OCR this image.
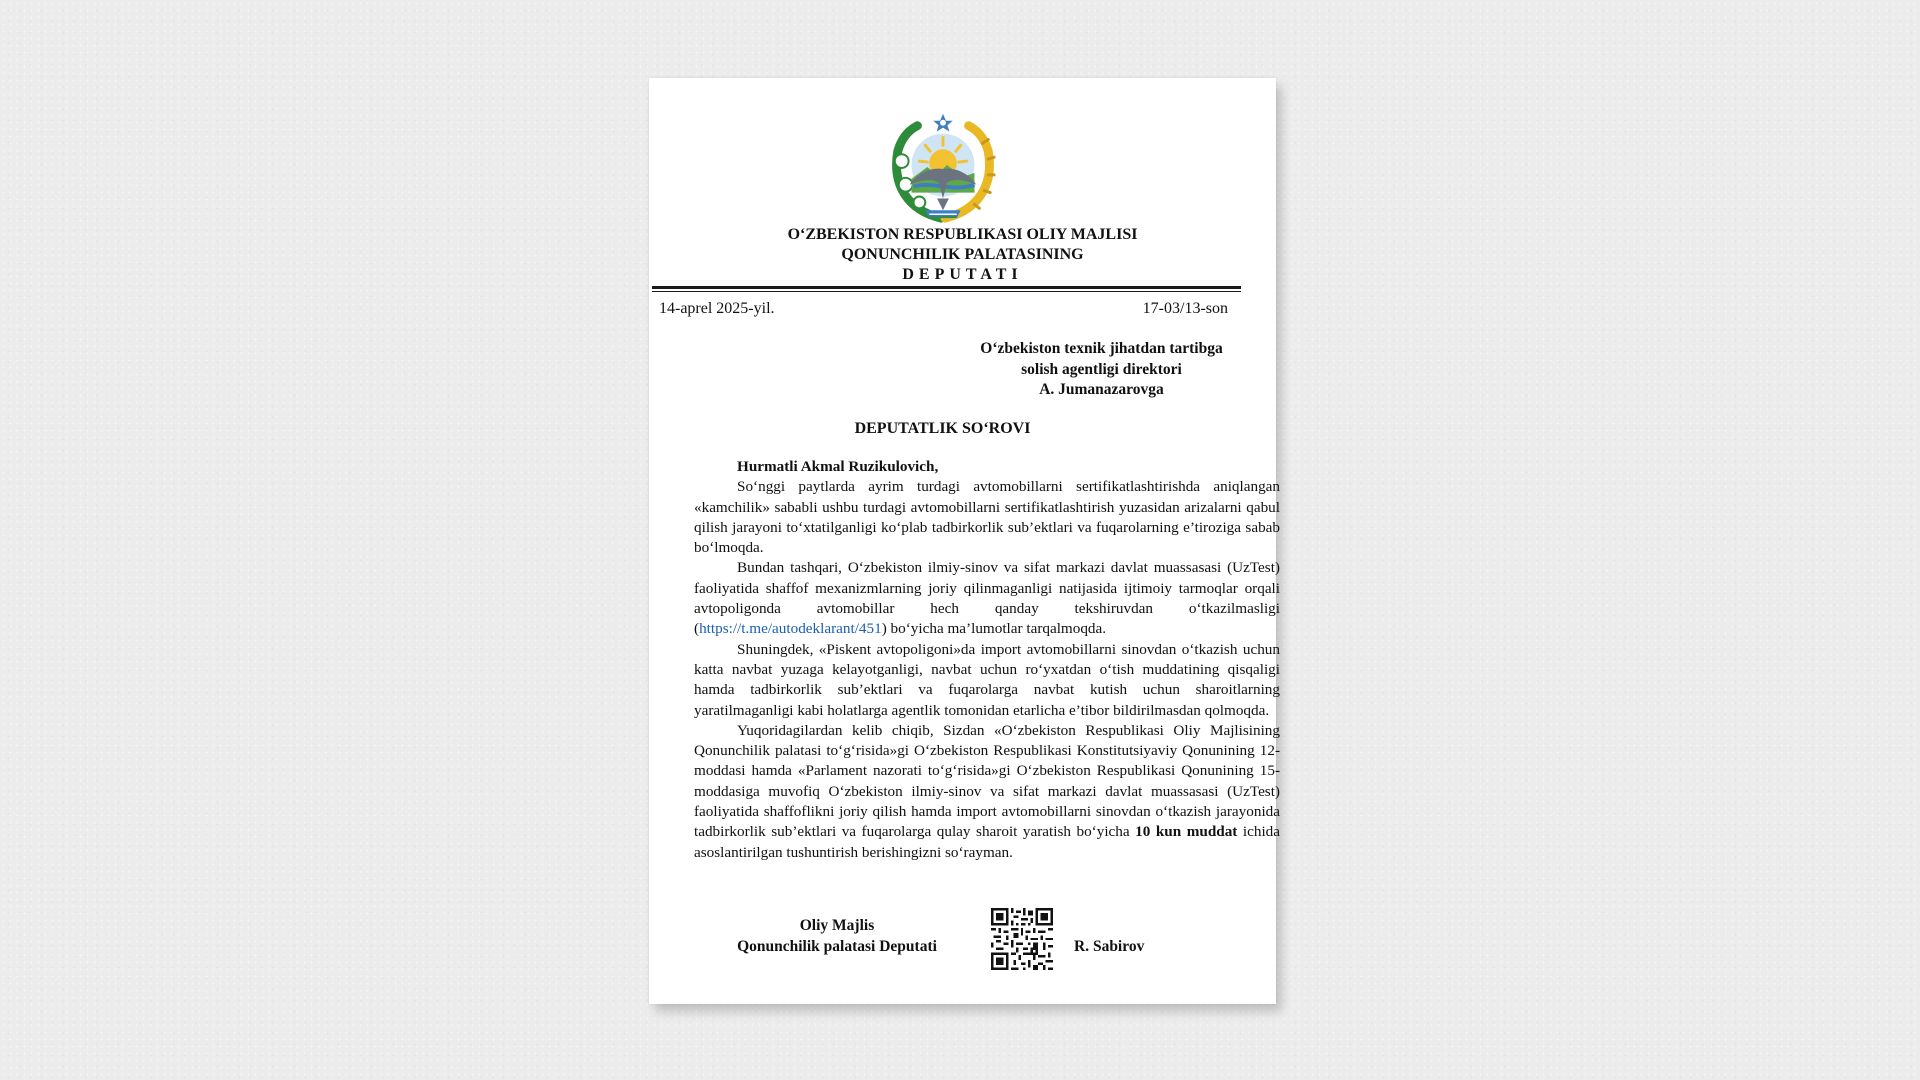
O‘ZBEKISTON RESPUBLIKASI OLIY MAJLISI
QONUNCHILIK PALATASINING
DEPUTATI
14-aprel 2025-yil.	17-03/13-son
O‘zbekiston texnik jihatdan tartibga
solish agentligi direktori
A. Jumanazarovga
DEPUTATLIK SO‘ROVI

Hurmatli Akmal Ruzikulovich,

So‘nggi paytlarda ayrim turdagi avtomobillarni sertifikatlashtirishda aniqlangan «kamchilik» sababli ushbu turdagi avtomobillarni sertifikatlashtirish yuzasidan arizalarni qabul qilish jarayoni to‘xtatilganligi ko‘plab tadbirkorlik sub’ektlari va fuqarolarning e’tiroziga sabab bo‘lmoqda.

Bundan tashqari, O‘zbekiston ilmiy-sinov va sifat markazi davlat muassasasi (UzTest) faoliyatida shaffof mexanizmlarning joriy qilinmaganligi natijasida ijtimoiy tarmoqlar orqali avtopoligonda avtomobillar hech qanday tekshiruvdan o‘tkazilmasligi (https://t.me/autodeklarant/451) bo‘yicha ma’lumotlar tarqalmoqda.

Shuningdek, «Piskent avtopoligoni»da import avtomobillarni sinovdan o‘tkazish uchun katta navbat yuzaga kelayotganligi, navbat uchun ro‘yxatdan o‘tish muddatining qisqaligi hamda tadbirkorlik sub’ektlari va fuqarolarga navbat kutish uchun sharoitlarning yaratilmaganligi kabi holatlarga agentlik tomonidan etarlicha e’tibor bildirilmasdan qolmoqda.

Yuqoridagilardan kelib chiqib, Sizdan «O‘zbekiston Respublikasi Oliy Majlisining Qonunchilik palatasi to‘g‘risida»gi O‘zbekiston Respublikasi Konstitutsiyaviy Qonunining 12-moddasi hamda «Parlament nazorati to‘g‘risida»gi O‘zbekiston Respublikasi Qonunining 15-moddasiga muvofiq O‘zbekiston ilmiy-sinov va sifat markazi davlat muassasasi (UzTest) faoliyatida shaffoflikni joriy qilish hamda import avtomobillarni sinovdan o‘tkazish jarayonida tadbirkorlik sub’ektlari va fuqarolarga qulay sharoit yaratish bo‘yicha 10 kun muddat ichida asoslantirilgan tushuntirish berishingizni so‘rayman.

Oliy Majlis
Qonunchilik palatasi Deputati	R. Sabirov
